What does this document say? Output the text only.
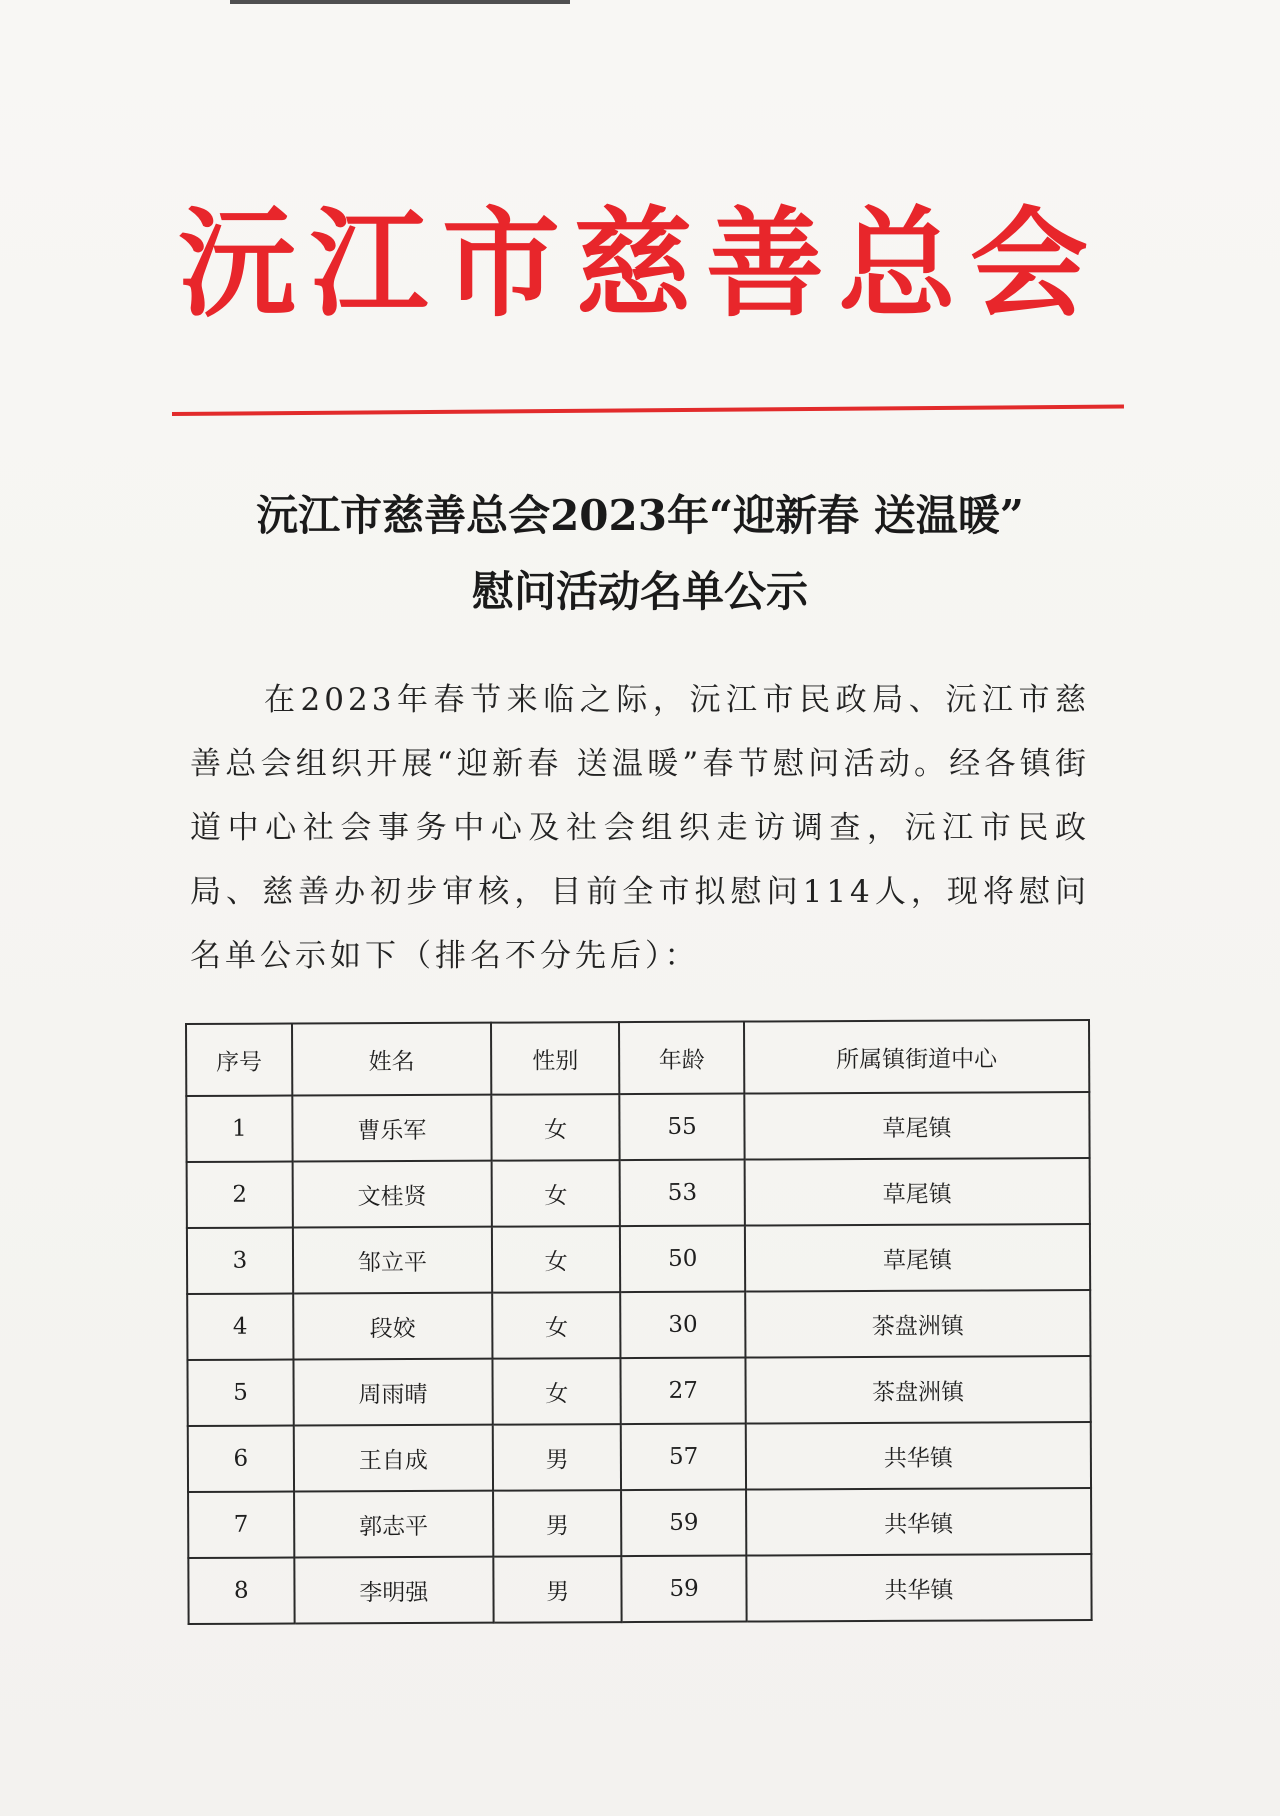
沅江市慈善总会
沅江市慈善总会2023年“迎新春 送温暖”
慰问活动名单公示
在2023年春节来临之际，沅江市民政局、沅江市慈善总会组织开展“迎新春 送温暖”春节慰问活动。经各镇街道中心社会事务中心及社会组织走访调查，沅江市民政局、慈善办初步审核，目前全市拟慰问114人，现将慰问名单公示如下（排名不分先后）：
序号	姓名	性别	年龄	所属镇街道中心
1	曹乐军	女	55	草尾镇
2	文桂贤	女	53	草尾镇
3	邹立平	女	50	草尾镇
4	段姣	女	30	茶盘洲镇
5	周雨晴	女	27	茶盘洲镇
6	王自成	男	57	共华镇
7	郭志平	男	59	共华镇
8	李明强	男	59	共华镇
